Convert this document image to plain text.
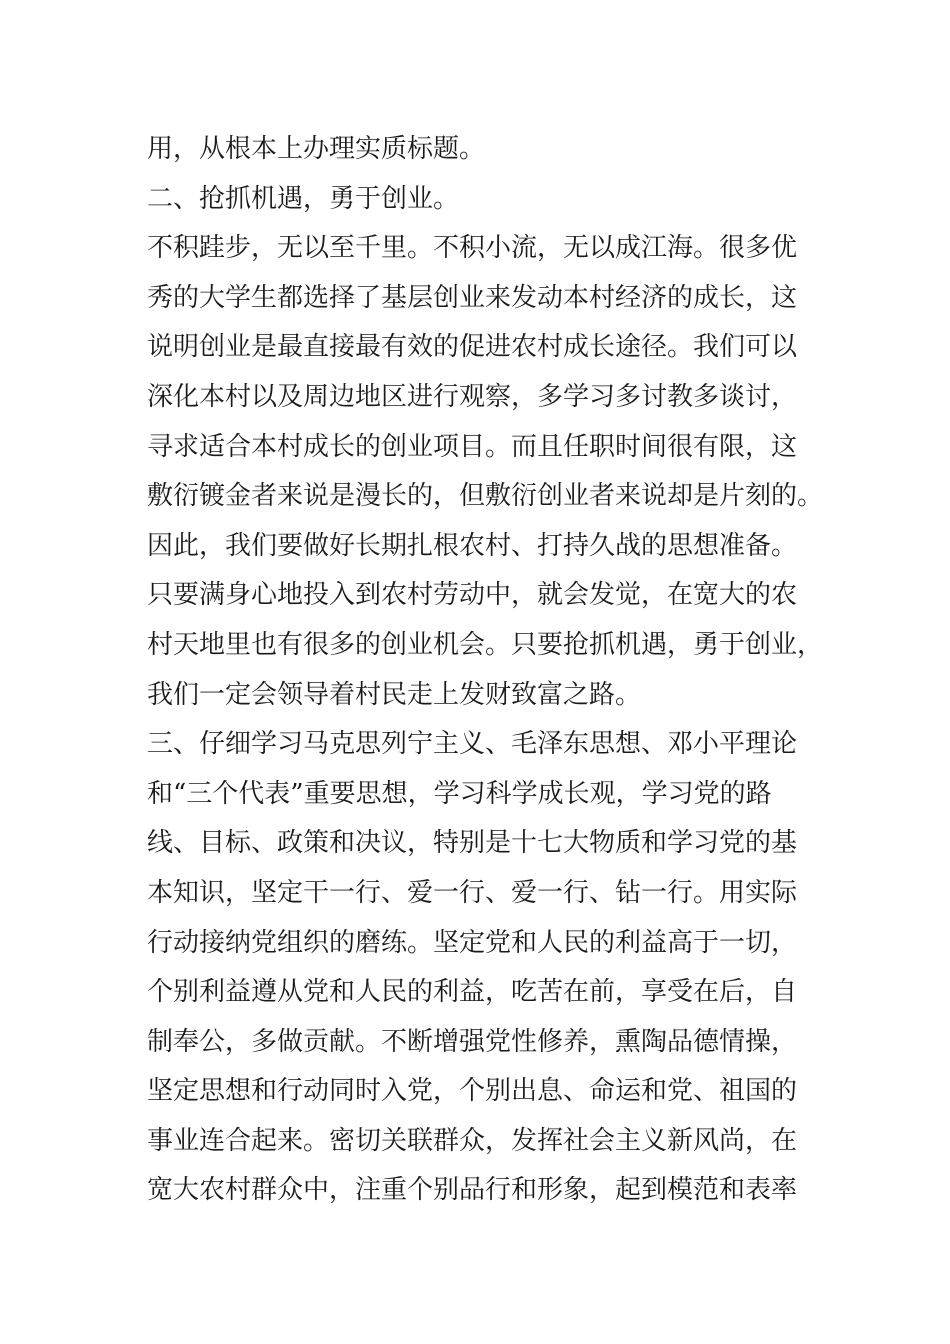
用，从根本上办理实质标题。
二、抢抓机遇，勇于创业。
不积跬步，无以至千里。不积小流，无以成江海。很多优
秀的大学生都选择了基层创业来发动本村经济的成长，这
说明创业是最直接最有效的促进农村成长途径。我们可以
深化本村以及周边地区进行观察，多学习多讨教多谈讨，
寻求适合本村成长的创业项目。而且任职时间很有限，这
敷衍镀金者来说是漫长的，但敷衍创业者来说却是片刻的。
因此，我们要做好长期扎根农村、打持久战的思想准备。
只要满身心地投入到农村劳动中，就会发觉，在宽大的农
村天地里也有很多的创业机会。只要抢抓机遇，勇于创业，
我们一定会领导着村民走上发财致富之路。
三、仔细学习马克思列宁主义、毛泽东思想、邓小平理论
和“三个代表”重要思想，学习科学成长观，学习党的路
线、目标、政策和决议，特别是十七大物质和学习党的基
本知识，坚定干一行、爱一行、爱一行、钻一行。用实际
行动接纳党组织的磨练。坚定党和人民的利益高于一切，
个别利益遵从党和人民的利益，吃苦在前，享受在后，自
制奉公，多做贡献。不断增强党性修养，熏陶品德情操，
坚定思想和行动同时入党，个别出息、命运和党、祖国的
事业连合起来。密切关联群众，发挥社会主义新风尚，在
宽大农村群众中，注重个别品行和形象，起到模范和表率
